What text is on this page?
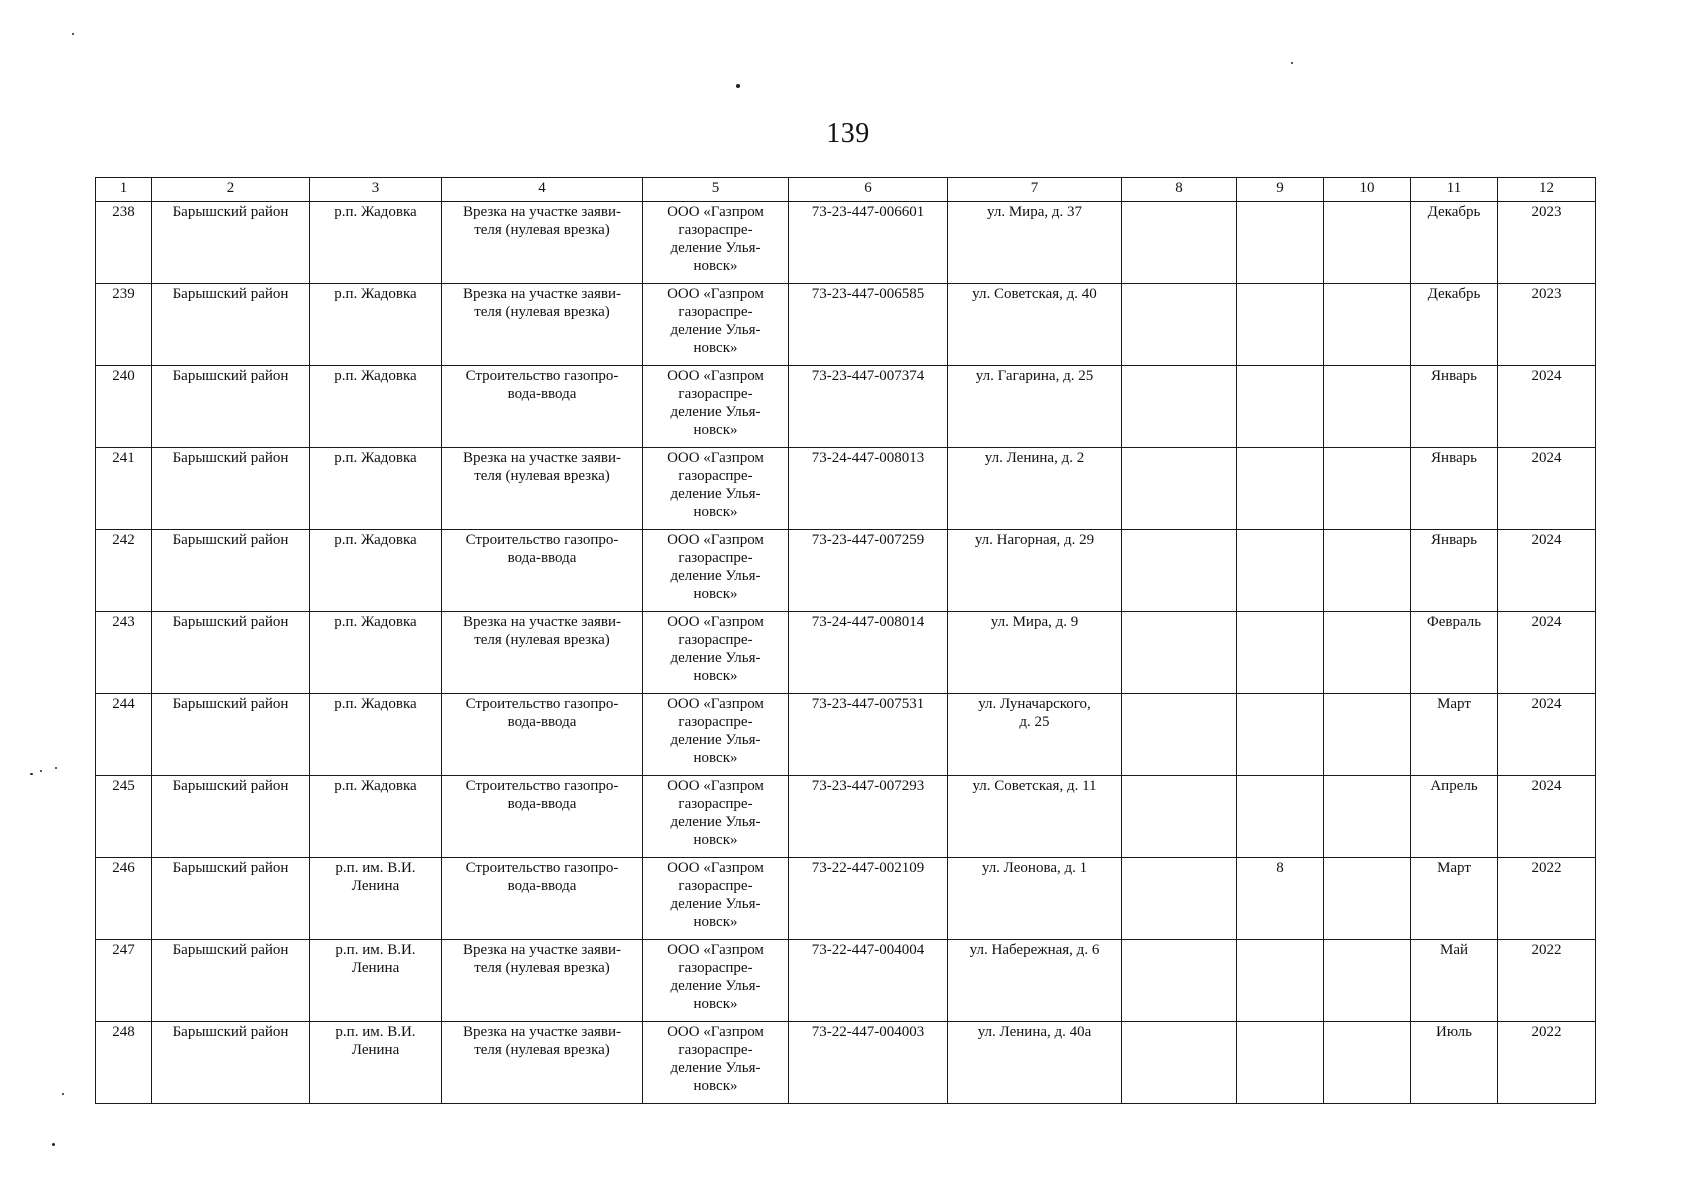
139
1	2	3	4	5	6	7	8	9	10	11	12
238	Барышский район	р.п. Жадовка	Врезка на участке заяви-
теля (нулевая врезка)	ООО «Газпром
газораспре-
деление Улья-
новск»	73-23-447-006601	ул. Мира, д. 37				Декабрь	2023
239	Барышский район	р.п. Жадовка	Врезка на участке заяви-
теля (нулевая врезка)	ООО «Газпром
газораспре-
деление Улья-
новск»	73-23-447-006585	ул. Советская, д. 40				Декабрь	2023
240	Барышский район	р.п. Жадовка	Строительство газопро-
вода-ввода	ООО «Газпром
газораспре-
деление Улья-
новск»	73-23-447-007374	ул. Гагарина, д. 25				Январь	2024
241	Барышский район	р.п. Жадовка	Врезка на участке заяви-
теля (нулевая врезка)	ООО «Газпром
газораспре-
деление Улья-
новск»	73-24-447-008013	ул. Ленина, д. 2				Январь	2024
242	Барышский район	р.п. Жадовка	Строительство газопро-
вода-ввода	ООО «Газпром
газораспре-
деление Улья-
новск»	73-23-447-007259	ул. Нагорная, д. 29				Январь	2024
243	Барышский район	р.п. Жадовка	Врезка на участке заяви-
теля (нулевая врезка)	ООО «Газпром
газораспре-
деление Улья-
новск»	73-24-447-008014	ул. Мира, д. 9				Февраль	2024
244	Барышский район	р.п. Жадовка	Строительство газопро-
вода-ввода	ООО «Газпром
газораспре-
деление Улья-
новск»	73-23-447-007531	ул. Луначарского,
д. 25				Март	2024
245	Барышский район	р.п. Жадовка	Строительство газопро-
вода-ввода	ООО «Газпром
газораспре-
деление Улья-
новск»	73-23-447-007293	ул. Советская, д. 11				Апрель	2024
246	Барышский район	р.п. им. В.И.
Ленина	Строительство газопро-
вода-ввода	ООО «Газпром
газораспре-
деление Улья-
новск»	73-22-447-002109	ул. Леонова, д. 1		8		Март	2022
247	Барышский район	р.п. им. В.И.
Ленина	Врезка на участке заяви-
теля (нулевая врезка)	ООО «Газпром
газораспре-
деление Улья-
новск»	73-22-447-004004	ул. Набережная, д. 6				Май	2022
248	Барышский район	р.п. им. В.И.
Ленина	Врезка на участке заяви-
теля (нулевая врезка)	ООО «Газпром
газораспре-
деление Улья-
новск»	73-22-447-004003	ул. Ленина, д. 40а				Июль	2022
